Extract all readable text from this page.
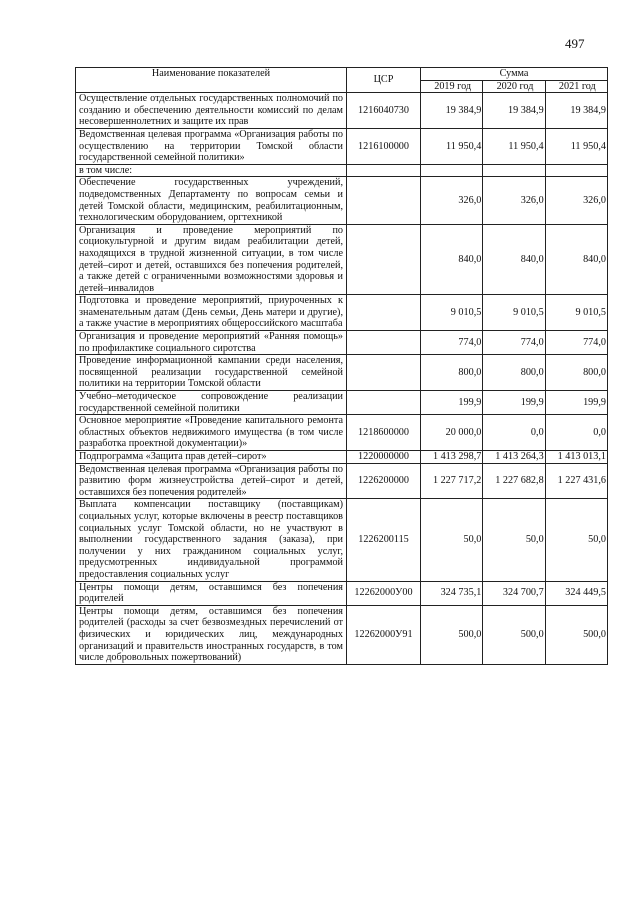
497
Наименование показателей	ЦСР	Сумма		
		2019 год	2020 год	2021 год
Осуществление отдельных государственных полномочий по созданию и обеспечению деятельности комиссий по делам несовершеннолетних и защите их прав	1216040730	19 384,9	19 384,9	19 384,9
Ведомственная целевая программа «Организация работы по осуществлению на территории Томской области государственной семейной политики»	1216100000	11 950,4	11 950,4	11 950,4
в том числе:				
Обеспечение государственных учреждений, подведомственных Департаменту по вопросам семьи и детей Томской области, медицинским, реабилитационным, технологическим оборудованием, оргтехникой		326,0	326,0	326,0
Организация и проведение мероприятий по социокультурной и другим видам реабилитации детей, находящихся в трудной жизненной ситуации, в том числе детей–сирот и детей, оставшихся без попечения родителей, а также детей с ограниченными возможностями здоровья и детей–инвалидов		840,0	840,0	840,0
Подготовка и проведение мероприятий, приуроченных к знаменательным датам (День семьи, День матери и другие), а также участие в мероприятиях общероссийского масштаба		9 010,5	9 010,5	9 010,5
Организация и проведение мероприятий «Ранняя помощь» по профилактике социального сиротства		774,0	774,0	774,0
Проведение информационной кампании среди населения, посвященной реализации государственной семейной политики на территории Томской области		800,0	800,0	800,0
Учебно–методическое сопровождение реализации государственной семейной политики		199,9	199,9	199,9
Основное мероприятие «Проведение капитального ремонта областных объектов недвижимого имущества (в том числе разработка проектной документации)»	1218600000	20 000,0	0,0	0,0
Подпрограмма «Защита прав детей–сирот»	1220000000	1 413 298,7	1 413 264,3	1 413 013,1
Ведомственная целевая программа «Организация работы по развитию форм жизнеустройства детей–сирот и детей, оставшихся без попечения родителей»	1226200000	1 227 717,2	1 227 682,8	1 227 431,6
Выплата компенсации поставщику (поставщикам) социальных услуг, которые включены в реестр поставщиков социальных услуг Томской области, но не участвуют в выполнении государственного задания (заказа), при получении у них гражданином социальных услуг, предусмотренных индивидуальной программой предоставления социальных услуг	1226200115	50,0	50,0	50,0
Центры помощи детям, оставшимся без попечения родителей	12262000У00	324 735,1	324 700,7	324 449,5
Центры помощи детям, оставшимся без попечения родителей (расходы за счет безвозмездных перечислений от физических и юридических лиц, международных организаций и правительств иностранных государств, в том числе добровольных пожертвований)	12262000У91	500,0	500,0	500,0
